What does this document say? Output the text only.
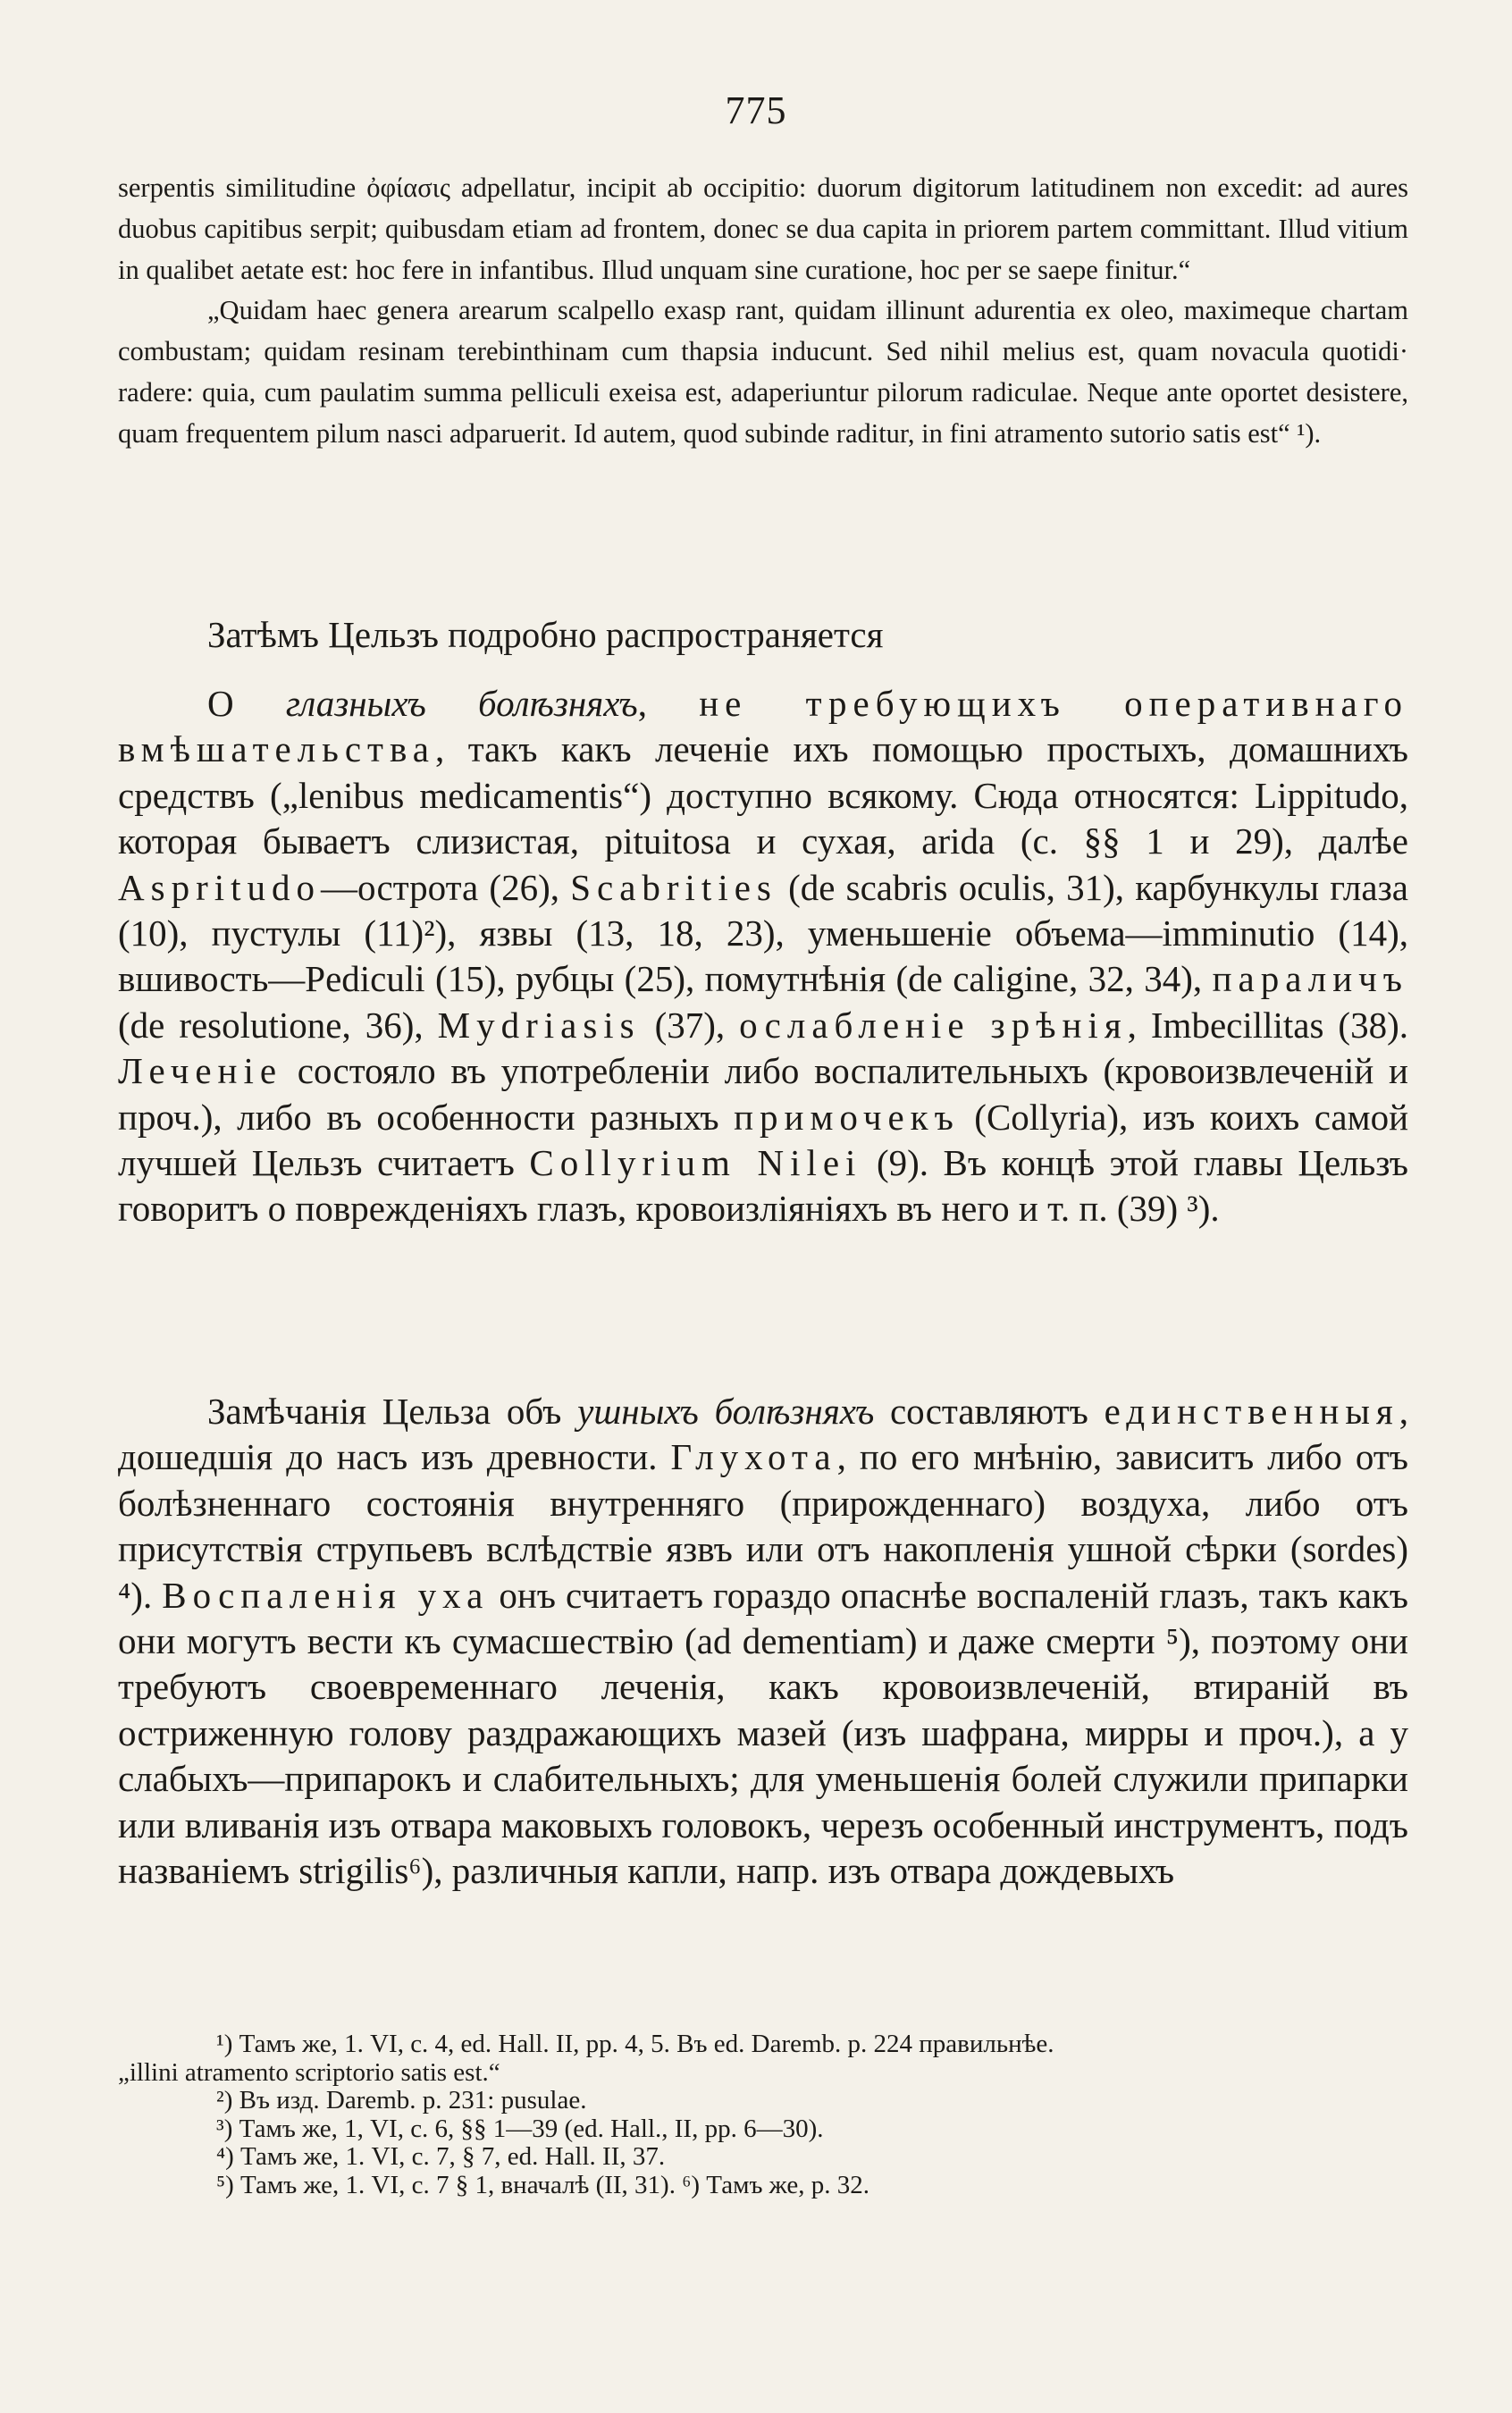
775

serpentis similitudine ὀφίασις adpellatur, incipit ab occipitio: duorum digitorum latitudinem non excedit: ad aures duobus capitibus serpit; quibusdam etiam ad frontem, donec se dua capita in priorem partem committant. Illud vitium in qualibet aetate est: hoc fere in infantibus. Illud unquam sine curatione, hoc per se saepe finitur.“

„Quidam haec genera arearum scalpello exasp rant, quidam illinunt adurentia ex oleo, maximeque chartam combustam; quidam resinam terebinthinam cum thapsia inducunt. Sed nihil melius est, quam novacula quotidi· radere: quia, cum paulatim summa pelliculi exeisa est, adaperiuntur pilorum radiculae. Neque ante oportet desistere, quam frequentem pilum nasci adparuerit. Id autem, quod subinde raditur, in fini atramento sutorio satis est“ ¹).

Затѣмъ Цельзъ подробно распространяется

О глазныхъ болѣзняхъ, не требующихъ оперативнаго вмѣшательства, такъ какъ леченіе ихъ помощью простыхъ, домашнихъ средствъ („lenibus medicamentis“) доступно всякому. Сюда относятся: Lippitudo, которая бываетъ слизистая, pituitosa и сухая, arida (с. §§ 1 и 29), далѣе Aspritudo—острота (26), Scabrities (de scabris oculis, 31), карбункулы глаза (10), пустулы (11)²), язвы (13, 18, 23), уменьшеніе объема—imminutio (14), вшивость—Pediculi (15), рубцы (25), помутнѣнія (de caligine, 32, 34), параличъ (de resolutione, 36), Mydriasis (37), ослабленіе зрѣнія, Imbecillitas (38). Леченіе состояло въ употребленіи либо воспалительныхъ (кровоизвлеченій и проч.), либо въ особенности разныхъ примочекъ (Collyria), изъ коихъ самой лучшей Цельзъ считаетъ Collyrium Nilei (9). Въ концѣ этой главы Цельзъ говоритъ о поврежденіяхъ глазъ, кровоизліяніяхъ въ него и т. п. (39) ³).

Замѣчанія Цельза объ ушныхъ болѣзняхъ составляютъ единственныя, дошедшія до насъ изъ древности. Глухота, по его мнѣнію, зависитъ либо отъ болѣзненнаго состоянія внутренняго (прирожденнаго) воздуха, либо отъ присутствія струпьевъ вслѣдствіе язвъ или отъ накопленія ушной сѣрки (sordes) ⁴). Воспаленія уха онъ считаетъ гораздо опаснѣе воспаленій глазъ, такъ какъ они могутъ вести къ сумасшествію (ad dementiam) и даже смерти ⁵), поэтому они требуютъ своевременнаго леченія, какъ кровоизвлеченій, втираній въ остриженную голову раздражающихъ мазей (изъ шафрана, мирры и проч.), а у слабыхъ—припарокъ и слабительныхъ; для уменьшенія болей служили припарки или вливанія изъ отвара маковыхъ головокъ, черезъ особенный инструментъ, подъ названіемъ strigilis⁶), различныя капли, напр. изъ отвара дождевыхъ

¹) Тамъ же, 1. VI, с. 4, ed. Hall. II, pp. 4, 5. Въ ed. Daremb. p. 224 правильнѣе.
„illini atramento scriptorio satis est.“
²) Въ изд. Daremb. p. 231: pusulae.
³) Тамъ же, 1, VI, с. 6, §§ 1—39 (ed. Hall., II, pp. 6—30).
⁴) Тамъ же, 1. VI, с. 7, § 7, ed. Hall. II, 37.
⁵) Тамъ же, 1. VI, с. 7 § 1, вначалѣ (II, 31). ⁶) Тамъ же, р. 32.
